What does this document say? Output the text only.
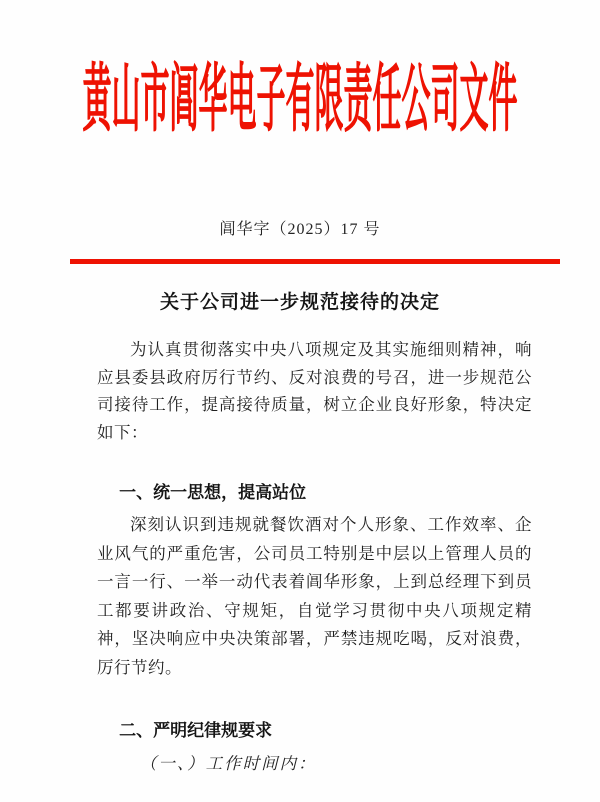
黄山市阊华电子有限责任公司文件
阊华字（2025）17 号
关于公司进一步规范接待的决定

为认真贯彻落实中央八项规定及其实施细则精神，响应县委县政府厉行节约、反对浪费的号召，进一步规范公司接待工作，提高接待质量，树立企业良好形象，特决定如下：

一、统一思想，提高站位

深刻认识到违规就餐饮酒对个人形象、工作效率、企业风气的严重危害，公司员工特别是中层以上管理人员的一言一行、一举一动代表着阊华形象，上到总经理下到员工都要讲政治、守规矩，自觉学习贯彻中央八项规定精神，坚决响应中央决策部署，严禁违规吃喝，反对浪费，厉行节约。

二、严明纪律规要求

（一、）工作时间内：
